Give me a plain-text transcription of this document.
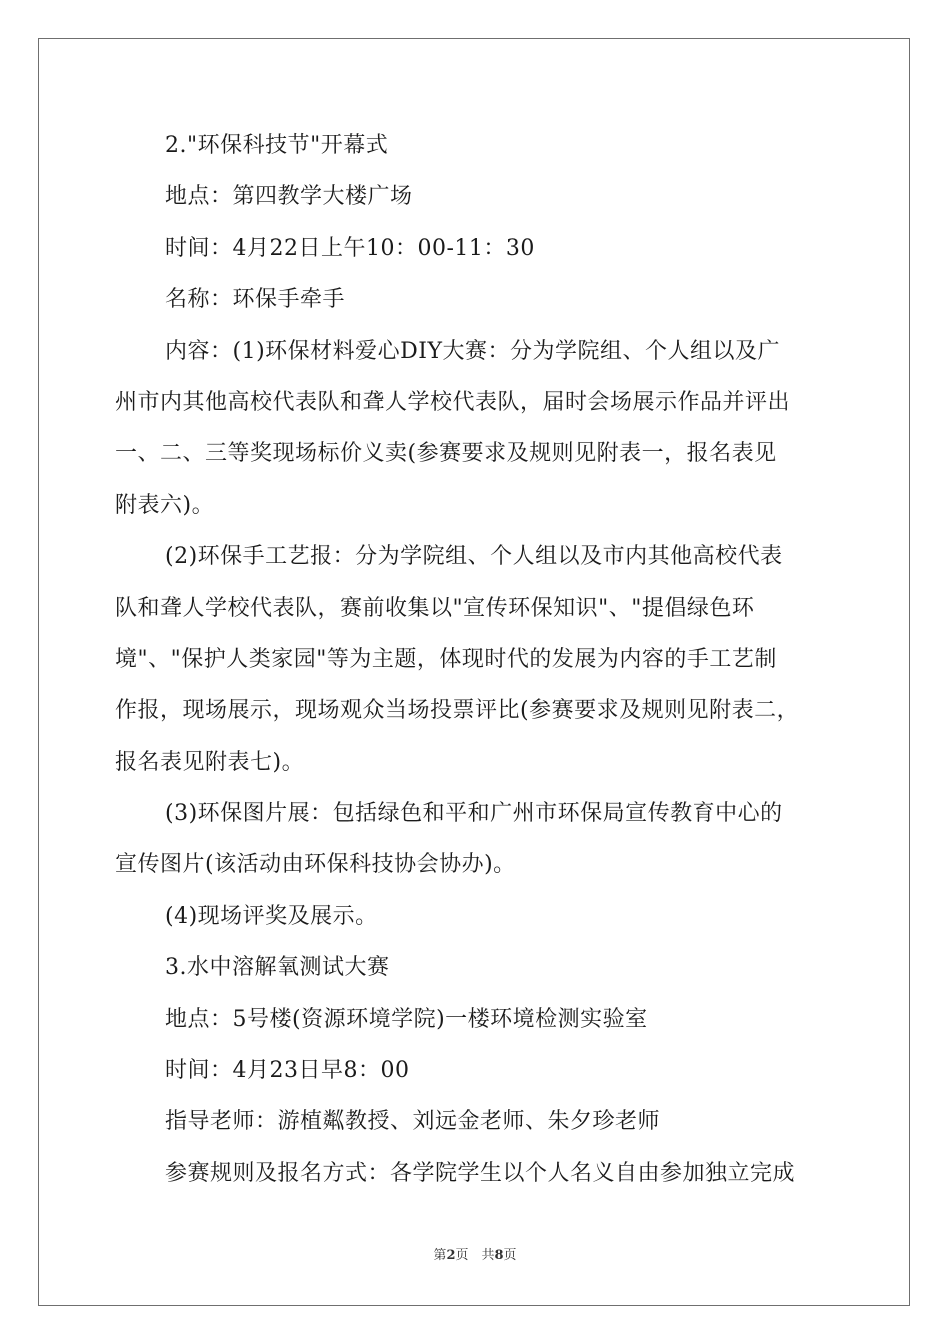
2."环保科技节"开幕式
地点：第四教学大楼广场
时间：4月22日上午10：00-11：30
名称：环保手牵手
内容：(1)环保材料爱心DIY大赛：分为学院组、个人组以及广
州市内其他高校代表队和聋人学校代表队，届时会场展示作品并评出
一、二、三等奖现场标价义卖(参赛要求及规则见附表一，报名表见
附表六)。
(2)环保手工艺报：分为学院组、个人组以及市内其他高校代表
队和聋人学校代表队，赛前收集以"宣传环保知识"、"提倡绿色环
境"、"保护人类家园"等为主题，体现时代的发展为内容的手工艺制
作报，现场展示，现场观众当场投票评比(参赛要求及规则见附表二，
报名表见附表七)。
(3)环保图片展：包括绿色和平和广州市环保局宣传教育中心的
宣传图片(该活动由环保科技协会协办)。
(4)现场评奖及展示。
3.水中溶解氧测试大赛
地点：5号楼(资源环境学院)一楼环境检测实验室
时间：4月23日早8：00
指导老师：游植粼教授、刘远金老师、朱夕珍老师
参赛规则及报名方式：各学院学生以个人名义自由参加独立完成
第2页　共8页
